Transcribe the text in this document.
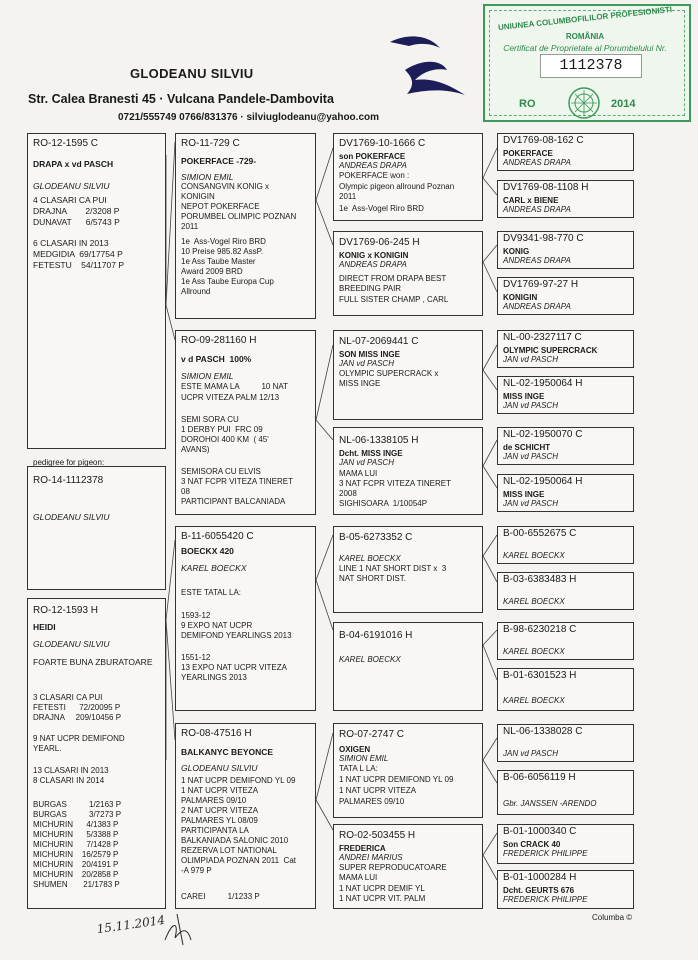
GLODEANU SILVIU
Str. Calea Branesti 45 · Vulcana Pandele-Dambovita
0721/555749 0766/831376 · silviuglodeanu@yahoo.com
UNIUNEA COLUMBOFILILOR PROFESIONISTI
ROMÂNIA
Certificat de Proprietate al Porumbelului Nr.
1112378
RO	2014
RO-12-1595 C
DRAPA x vd PASCH
GLODEANU SILVIU
4 CLASARI CA PUI
DRAJNA        2/3208 P
DUNAVAT      6/5743 P
6 CLASARI IN 2013
MEDGIDIA  69/17754 P
FETESTU    54/11707 P
pedigree for pigeon:
RO-14-1112378
GLODEANU SILVIU
RO-12-1593 H
HEIDI
GLODEANU SILVIU
FOARTE BUNA ZBURATOARE
3 CLASARI CA PUI
FETESTI      72/20095 P
DRAJNA     209/10456 P
9 NAT UCPR DEMIFOND
YEARL.
13 CLASARI IN 2013
8 CLASARI IN 2014
BURGAS          1/2163 P
BURGAS          3/7273 P
MICHURIN      4/1383 P
MICHURIN      5/3388 P
MICHURIN      7/1428 P
MICHURIN    16/2579 P
MICHURIN    20/4191 P
MICHURIN    20/2858 P
SHUMEN       21/1783 P
RO-11-729 C
POKERFACE -729-
SIMION EMIL
CONSANGVIN KONIG x
KONIGIN
NEPOT POKERFACE
PORUMBEL OLIMPIC POZNAN
2011
1e  Ass-Vogel Riro BRD
10 Preise 985.82 AssP.
1e Ass Taube Master
Award 2009 BRD
1e Ass Taube Europa Cup
Allround
RO-09-281160 H
v d PASCH  100%
SIMION EMIL
ESTE MAMA LA          10 NAT
UCPR VITEZA PALM 12/13
SEMI SORA CU
1 DERBY PUI  FRC 09
DOROHOI 400 KM  ( 45'
AVANS)
SEMISORA CU ELVIS
3 NAT FCPR VITEZA TINERET
08
PARTICIPANT BALCANIADA
B-11-6055420 C
BOECKX 420
KAREL BOECKX
ESTE TATAL LA:
1593-12
9 EXPO NAT UCPR
DEMIFOND YEARLINGS 2013
1551-12
13 EXPO NAT UCPR VITEZA
YEARLINGS 2013
RO-08-47516 H
BALKANYC BEYONCE
GLODEANU SILVIU
1 NAT UCPR DEMIFOND YL 09
1 NAT UCPR VITEZA
PALMARES 09/10
2 NAT UCPR VITEZA
PALMARES YL 08/09
PARTICIPANTA LA
BALKANIADA SALONIC 2010
REZERVA LOT NATIONAL
OLIMPIADA POZNAN 2011  Cat
-A 979 P
CAREI          1/1233 P
DV1769-10-1666 C
son POKERFACE
ANDREAS DRAPA
POKERFACE won :
Olympic pigeon allround Poznan
2011
1e  Ass-Vogel Riro BRD
DV1769-06-245 H
KONIG x KONIGIN
ANDREAS DRAPA
DIRECT FROM DRAPA BEST
BREEDING PAIR
FULL SISTER CHAMP , CARL
NL-07-2069441 C
SON MISS INGE
JAN vd PASCH
OLYMPIC SUPERCRACK x
MISS INGE
NL-06-1338105 H
Dcht. MISS INGE
JAN vd PASCH
MAMA LUI
3 NAT FCPR VITEZA TINERET
2008
SIGHISOARA  1/10054P
B-05-6273352 C
KAREL BOECKX
LINE 1 NAT SHORT DIST x  3
NAT SHORT DIST.
B-04-6191016 H
KAREL BOECKX
RO-07-2747 C
OXIGEN
SIMION EMIL
TATA L LA:
1 NAT UCPR DEMIFOND YL 09
1 NAT UCPR VITEZA
PALMARES 09/10
RO-02-503455 H
FREDERICA
ANDREI MARIUS
SUPER REPRODUCATOARE
MAMA LUI
1 NAT UCPR DEMIF YL
1 NAT UCPR VIT. PALM
DV1769-08-162 C
POKERFACE
ANDREAS DRAPA
DV1769-08-1108 H
CARL x BIENE
ANDREAS DRAPA
DV9341-98-770 C
KONIG
ANDREAS DRAPA
DV1769-97-27 H
KONIGIN
ANDREAS DRAPA
NL-00-2327117 C
OLYMPIC SUPERCRACK
JAN vd PASCH
NL-02-1950064 H
MISS INGE
JAN vd PASCH
NL-02-1950070 C
de SCHICHT
JAN vd PASCH
NL-02-1950064 H
MISS INGE
JAN vd PASCH
B-00-6552675 C
KAREL BOECKX
B-03-6383483 H
KAREL BOECKX
B-98-6230218 C
KAREL BOECKX
B-01-6301523 H
KAREL BOECKX
NL-06-1338028 C
JAN vd PASCH
B-06-6056119 H
Gbr. JANSSEN -ARENDO
B-01-1000340 C
Son CRACK 40
FREDERICK PHILIPPE
B-01-1000284 H
Dcht. GEURTS 676
FREDERICK PHILIPPE
15.11.2014	Columba ©
